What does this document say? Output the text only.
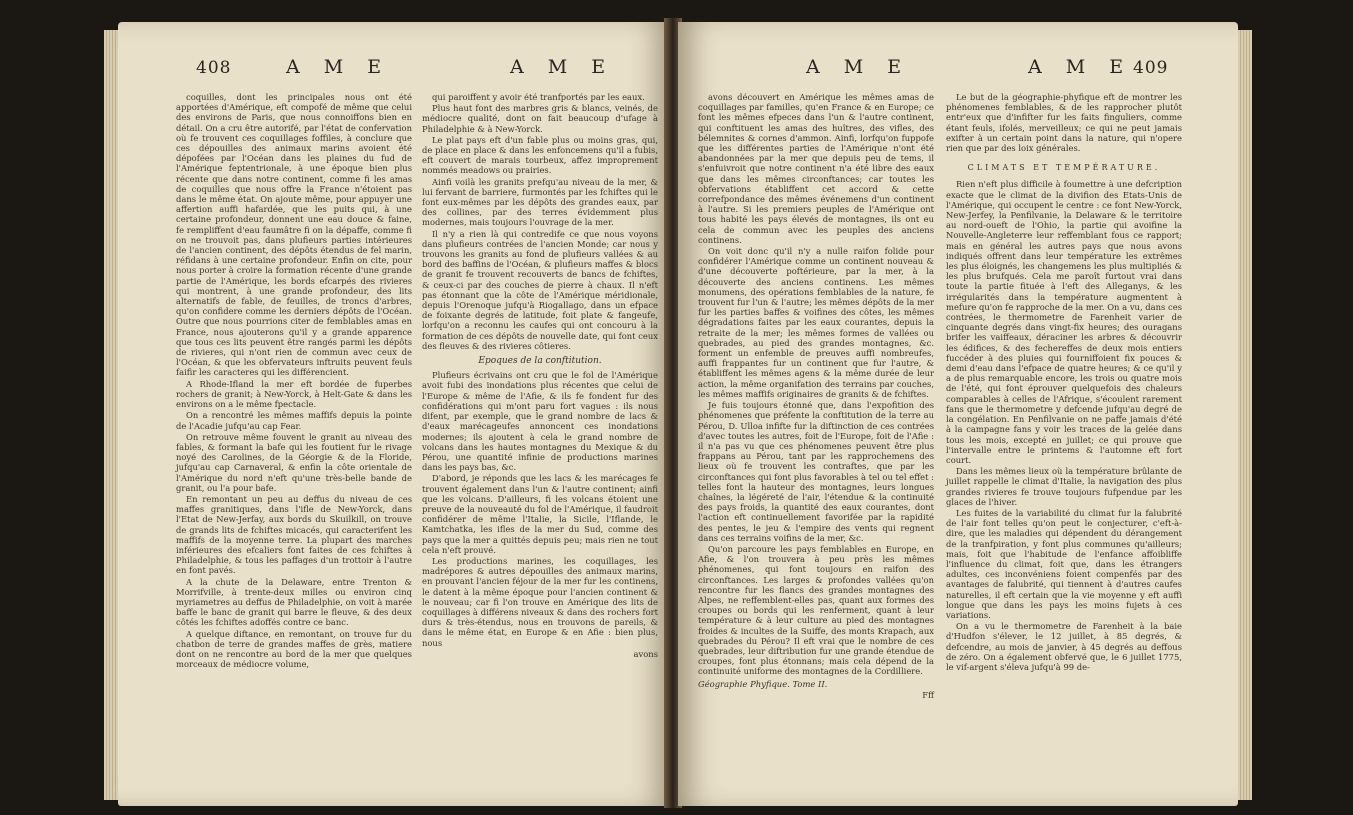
408	A M E	A M E

coquilles, dont les principales nous ont été apportées d'Amérique, eft compofé de même que celui des environs de Paris, que nous connoiffons bien en détail. On a cru être autorifé, par l'état de confervation où fe trouvent ces coquillages foffiles, à conclure que ces dépouilles des animaux marins avoient été dépofées par l'Océan dans les plaines du fud de l'Amérique feptentrionale, à une époque bien plus récente que dans notre continent, comme fi les amas de coquilles que nous offre la France n'étoient pas dans le même état. On ajoute même, pour appuyer une affertion auffi hafardée, que les puits qui, à une certaine profondeur, donnent une eau douce & faine, fe rempliffent d'eau faumâtre fi on la dépaffe, comme fi on ne trouvoit pas, dans plufieurs parties intérieures de l'ancien continent, des dépôts étendus de fel marin, réfidans à une certaine profondeur. Enfin on cite, pour nous porter à croire la formation récente d'une grande partie de l'Amérique, les bords efcarpés des rivieres qui montrent, à une grande profondeur, des lits alternatifs de fable, de feuilles, de troncs d'arbres, qu'on confidere comme les derniers dépôts de l'Océan. Outre que nous pourrions citer de femblables amas en France, nous ajouterons qu'il y a grande apparence que tous ces lits peuvent être rangés parmi les dépôts de rivieres, qui n'ont rien de commun avec ceux de l'Océan, & que les obfervateurs inftruits peuvent feuls faifir les caracteres qui les différencient.

A Rhode-Ifland la mer eft bordée de fuperbes rochers de granit; à New-Yorck, à Helt-Gate & dans les environs on a le même fpectacle.

On a rencontré les mêmes maffifs depuis la pointe de l'Acadie jufqu'au cap Fear.

On retrouve même fouvent le granit au niveau des fables, & formant la bafe qui les foutient fur le rivage noyé des Carolines, de la Géorgie & de la Floride, jufqu'au cap Carnaveral, & enfin la côte orientale de l'Amérique du nord n'eft qu'une très-belle bande de granit, ou l'a pour bafe.

En remontant un peu au deffus du niveau de ces maffes granitiques, dans l'ifle de New-Yorck, dans l'Etat de New-Jerfay, aux bords du Skuilkill, on trouve de grands lits de fchiftes micacés, qui caracterifent les maffifs de la moyenne terre. La plupart des marches inférieures des efcaliers font faites de ces fchiftes à Philadelphie, & tous les paffages d'un trottoir à l'autre en font pavés.

A la chute de la Delaware, entre Trenton & Morrifville, à trente-deux milles ou environ cinq myriametres au deffus de Philadelphie, on voit à marée baffe le banc de granit qui barre le fleuve, & des deux côtés les fchiftes adoffés contre ce banc.

A quelque diftance, en remontant, on trouve fur du chatbon de terre de grandes maffes de grès, matiere dont on ne rencontre au bord de la mer que quelques morceaux de médiocre volume,

qui paroiffent y avoir été tranfportés par les eaux.

Plus haut font des marbres gris & blancs, veinés, de médiocre qualité, dont on fait beaucoup d'ufage à Philadelphie & à New-Yorck.

Le plat pays eft d'un fable plus ou moins gras, qui, de place en place & dans les enfoncemens qu'il a fubis, eft couvert de marais tourbeux, affez improprement nommés meadows ou prairies.

Ainfi voilà les granits prefqu'au niveau de la mer, & lui fervant de barriere, furmontés par les fchiftes qui le font eux-mêmes par les dépôts des grandes eaux, par des collines, par des terres évidemment plus modernes, mais toujours l'ouvrage de la mer.

Il n'y a rien là qui contredife ce que nous voyons dans plufieurs contrées de l'ancien Monde; car nous y trouvons les granits au fond de plufieurs vallées & au bord des baffins de l'Océan, & plufieurs maffes & blocs de granit fe trouvent recouverts de bancs de fchiftes, & ceux-ci par des couches de pierre à chaux. Il n'eft pas étonnant que la côte de l'Amérique méridionale, depuis l'Orenoque jufqu'à Riogallago, dans un efpace de foixante degrés de latitude, foit plate & fangeufe, lorfqu'on a reconnu les caufes qui ont concouru à la formation de ces dépôts de nouvelle date, qui font ceux des fleuves & des rivieres côtieres.

Epoques de la conftitution.

Plufieurs écrivains ont cru que le fol de l'Amérique avoit fubi des inondations plus récentes que celui de l'Europe & même de l'Afie, & ils fe fondent fur des confidérations qui m'ont paru fort vagues : ils nous difent, par exemple, que le grand nombre de lacs & d'eaux marécageufes annoncent ces inondations modernes; ils ajoutent à cela le grand nombre de volcans dans les hautes montagnes du Mexique & du Pérou, une quantité infinie de productions marines dans les pays bas, &c.

D'abord, je réponds que les lacs & les marécages fe trouvent également dans l'un & l'autre continent; ainfi que les volcans. D'ailleurs, fi les volcans étoient une preuve de la nouveauté du fol de l'Amérique, il faudroit confidérer de même l'Italie, la Sicile, l'Iflande, le Kamtchatka, les ifles de la mer du Sud, comme des pays que la mer a quittés depuis peu; mais rien ne tout cela n'eft prouvé.

Les productions marines, les coquillages, les madrépores & autres dépouilles des animaux marins, en prouvant l'ancien féjour de la mer fur les continens, le datent à la même époque pour l'ancien continent & le nouveau; car fi l'on trouve en Amérique des lits de coquillages à différens niveaux & dans des rochers fort durs & très-étendus, nous en trouvons de pareils, & dans le même état, en Europe & en Afie : bien plus, nous

avons

A M E	A M E 409

avons découvert en Amérique les mêmes amas de coquillages par familles, qu'en France & en Europe; ce font les mêmes efpeces dans l'un & l'autre continent, qui conftituent les amas des huîtres, des vifles, des bélemnites & cornes d'ammon. Ainfi, lorfqu'on fuppofe que les différentes parties de l'Amérique n'ont été abandonnées par la mer que depuis peu de tems, il s'enfuivroit que notre continent n'a été libre des eaux que dans les mêmes circonftances; car toutes les obfervations établiffent cet accord & cette correfpondance des mêmes événemens d'un continent à l'autre. Si les premiers peuples de l'Amérique ont tous habité les pays élevés de montagnes, ils ont eu cela de commun avec les peuples des anciens continens.

On voit donc qu'il n'y a nulle raifon folide pour confidérer l'Amérique comme un continent nouveau & d'une découverte poftérieure, par la mer, à la découverte des anciens continens. Les mêmes monumens, des opérations femblables de la nature, fe trouvent fur l'un & l'autre; les mêmes dépôts de la mer fur les parties baffes & voifines des côtes, les mêmes dégradations faites par les eaux courantes, depuis la retraite de la mer; les mêmes formes de vallées ou quebrades, au pied des grandes montagnes, &c. forment un enfemble de preuves auffi nombreufes, auffi frappantes fur un continent que fur l'autre, & établiffent les mêmes agens & la même durée de leur action, la même organifation des terrains par couches, les mêmes maffifs originaires de granits & de fchiftes.

Je fuis toujours étonné que, dans l'expofition des phénomenes que préfente la conftitution de la terre au Pérou, D. Ulloa infifte fur la diftinction de ces contrées d'avec toutes les autres, foit de l'Europe, foit de l'Afie : il n'a pas vu que ces phénomenes peuvent être plus frappans au Pérou, tant par les rapprochemens des lieux où fe trouvent les contraftes, que par les circonftances qui font plus favorables à tel ou tel effet : telles font la hauteur des montagnes, leurs longues chaînes, la légéreté de l'air, l'étendue & la continuité des pays froids, la quantité des eaux courantes, dont l'action eft continuellement favorifée par la rapidité des pentes, le jeu & l'empire des vents qui regnent dans ces terrains voifins de la mer, &c.

Qu'on parcoure les pays femblables en Europe, en Afie, & l'on trouvera à peu près les mêmes phénomenes, qui font toujours en raifon des circonftances. Les larges & profondes vallées qu'on rencontre fur les flancs des grandes montagnes des Alpes, ne reffemblent-elles pas, quant aux formes des croupes ou bords qui les renferment, quant à leur température & à leur culture au pied des montagnes froides & incultes de la Suiffe, des monts Krapach, aux quebrades du Pérou? Il eft vrai que le nombre de ces quebrades, leur diftribution fur une grande étendue de croupes, font plus étonnans; mais cela dépend de la continuité uniforme des montagnes de la Cordilliere.

Géographie Phyfique. Tome II.

Fff

Le but de la géographie-phyfique eft de montrer les phénomenes femblables, & de les rapprocher plutôt entr'eux que d'infifter fur les faits finguliers, comme étant feuls, ifolés, merveilleux; ce qui ne peut jamais exifter à un certain point dans la nature, qui n'opere rien que par des loix générales.

CLIMATS ET TEMPÉRATURE.

Rien n'eft plus difficile à foumettre à une defcription exacte que le climat de la divifion des Etats-Unis de l'Amérique, qui occupent le centre : ce font New-Yorck, New-Jerfey, la Penfilvanie, la Delaware & le territoire au nord-oueft de l'Ohio, la partie qui avoifine la Nouvelle-Angleterre leur reffemblant fous ce rapport; mais en général les autres pays que nous avons indiqués offrent dans leur température les extrêmes les plus éloignés, les changemens les plus multipliés & les plus brufqués. Cela me paroît furtout vrai dans toute la partie fituée à l'eft des Alleganys, & les irrégularités dans la température augmentent à mefure qu'on fe rapproche de la mer. On a vu, dans ces contrées, le thermometre de Farenheit varier de cinquante degrés dans vingt-fix heures; des ouragans brifer les vaiffeaux, déraciner les arbres & découvrir les édifices, & des fechereffes de deux mois entiers fuccéder à des pluies qui fourniffoient fix pouces & demi d'eau dans l'efpace de quatre heures; & ce qu'il y a de plus remarquable encore, les trois ou quatre mois de l'été, qui font éprouver quelquefois des chaleurs comparables à celles de l'Afrique, s'écoulent rarement fans que le thermometre y defcende jufqu'au degré de la congélation. En Penfilvanie on ne paffe jamais d'été à la campagne fans y voir les traces de la gelée dans tous les mois, excepté en juillet; ce qui prouve que l'intervalle entre le printems & l'automne eft fort court.

Dans les mêmes lieux où la température brûlante de juillet rappelle le climat d'Italie, la navigation des plus grandes rivieres fe trouve toujours fufpendue par les glaces de l'hiver.

Les fuites de la variabilité du climat fur la falubrité de l'air font telles qu'on peut le conjecturer, c'eft-à-dire, que les maladies qui dépendent du dérangement de la tranfpiration, y font plus communes qu'ailleurs; mais, foit que l'habitude de l'enfance affoibliffe l'influence du climat, foit que, dans les étrangers adultes, ces inconvéniens foient compenfés par des avantages de falubrité, qui tiennent à d'autres caufes naturelles, il eft certain que la vie moyenne y eft auffi longue que dans les pays les moins fujets à ces variations.

On a vu le thermometre de Farenheit à la baie d'Hudfon s'élever, le 12 juillet, à 85 degrés, & defcendre, au mois de janvier, à 45 degrés au deffous de zéro. On a également obfervé que, le 6 juillet 1775, le vif-argent s'éleva jufqu'à 99 de-
